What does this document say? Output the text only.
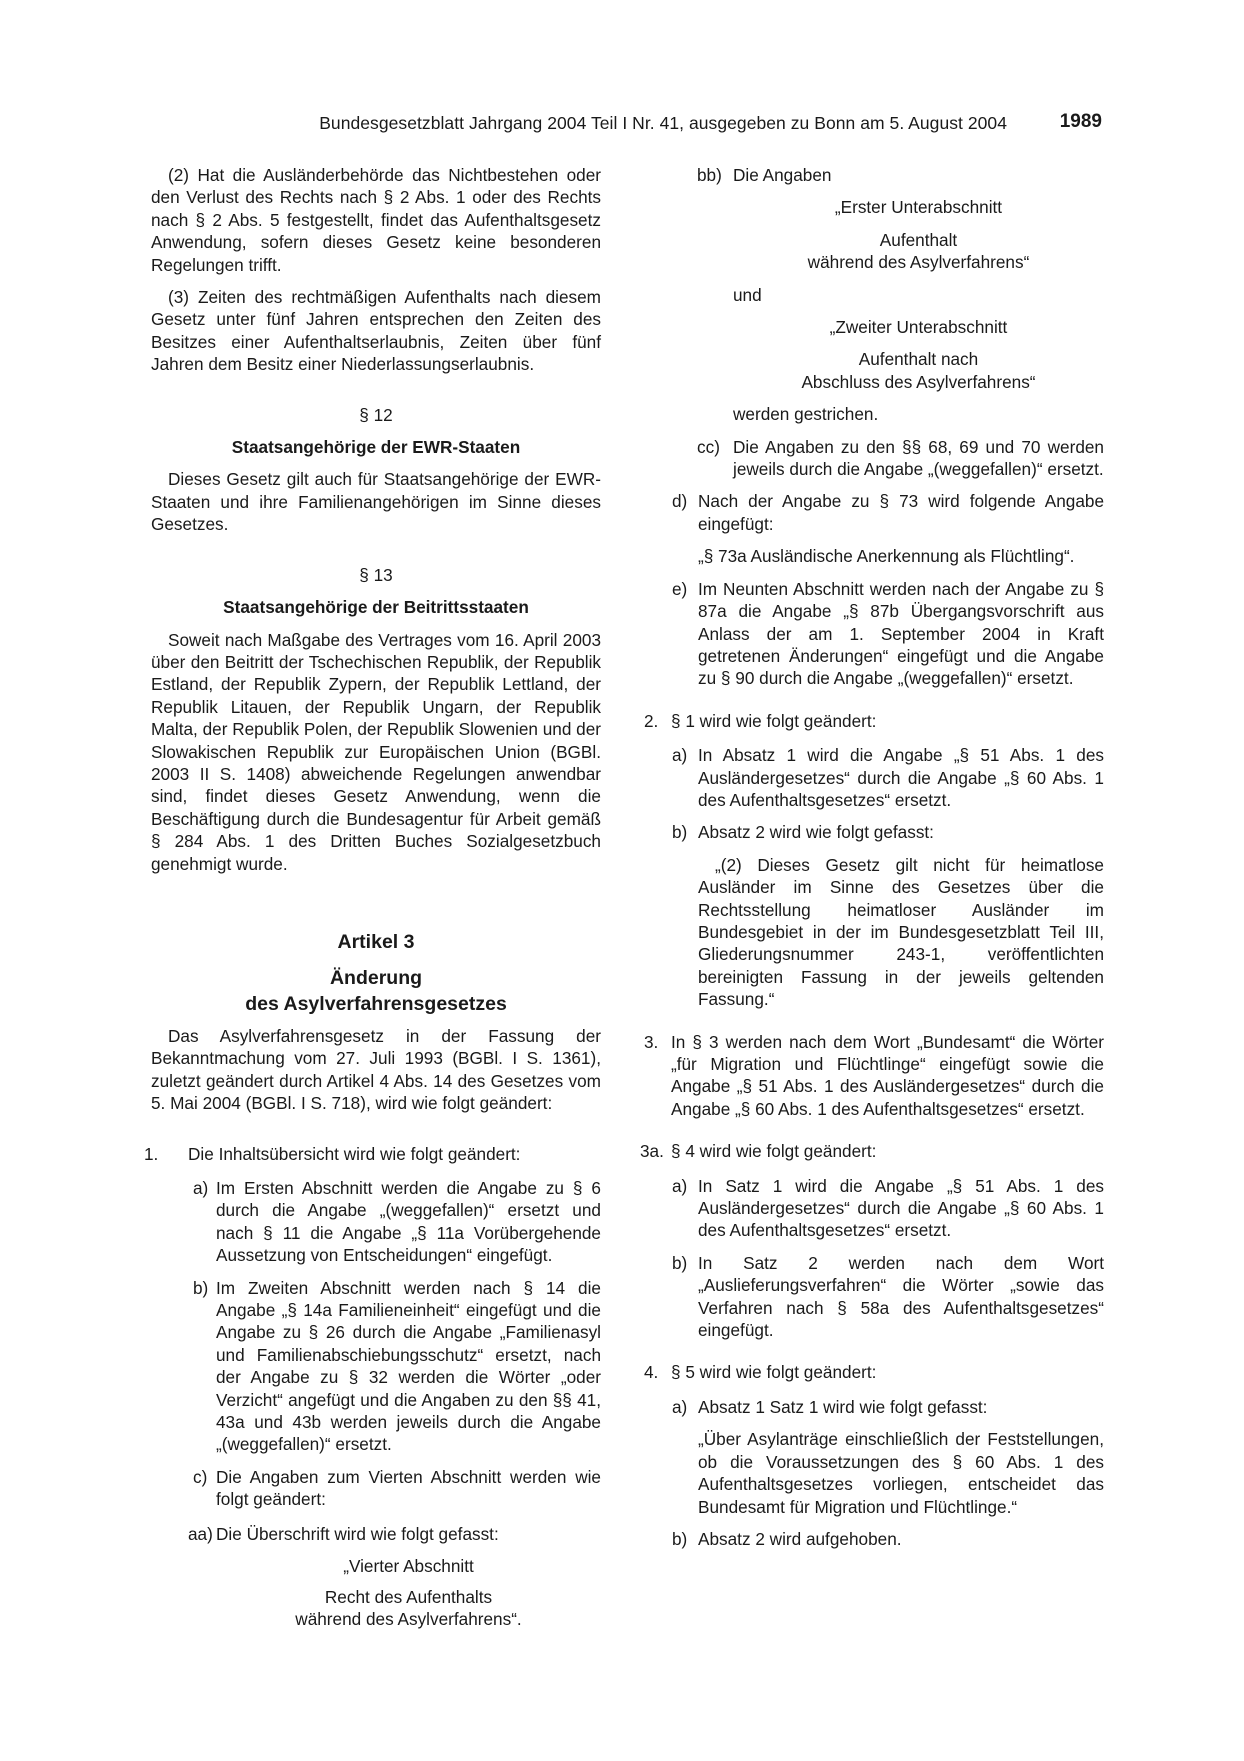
Bundesgesetzblatt Jahrgang 2004 Teil I Nr. 41, ausgegeben zu Bonn am 5. August 2004	1989

(2) Hat die Ausländerbehörde das Nichtbestehen oder den Verlust des Rechts nach § 2 Abs. 1 oder des Rechts nach § 2 Abs. 5 festgestellt, findet das Aufenthaltsgesetz Anwendung, sofern dieses Gesetz keine besonderen Regelungen trifft.

(3) Zeiten des rechtmäßigen Aufenthalts nach diesem Gesetz unter fünf Jahren entsprechen den Zeiten des Besitzes einer Aufenthaltserlaubnis, Zeiten über fünf Jahren dem Besitz einer Niederlassungserlaubnis.

§ 12

Staatsangehörige der EWR-Staaten

Dieses Gesetz gilt auch für Staatsangehörige der EWR-Staaten und ihre Familienangehörigen im Sinne dieses Gesetzes.

§ 13

Staatsangehörige der Beitrittsstaaten

Soweit nach Maßgabe des Vertrages vom 16. April 2003 über den Beitritt der Tschechischen Republik, der Republik Estland, der Republik Zypern, der Republik Lettland, der Republik Litauen, der Republik Ungarn, der Republik Malta, der Republik Polen, der Republik Slowenien und der Slowakischen Republik zur Europäischen Union (BGBl. 2003 II S. 1408) abweichende Regelungen anwendbar sind, findet dieses Gesetz Anwendung, wenn die Beschäftigung durch die Bundesagentur für Arbeit gemäß § 284 Abs. 1 des Dritten Buches Sozialgesetzbuch genehmigt wurde.

Artikel 3

Änderung

des Asylverfahrensgesetzes

Das Asylverfahrensgesetz in der Fassung der Bekanntmachung vom 27. Juli 1993 (BGBl. I S. 1361), zuletzt geändert durch Artikel 4 Abs. 14 des Gesetzes vom 5. Mai 2004 (BGBl. I S. 718), wird wie folgt geändert:

1. Die Inhaltsübersicht wird wie folgt geändert:

a) Im Ersten Abschnitt werden die Angabe zu § 6 durch die Angabe „(weggefallen)“ ersetzt und nach § 11 die Angabe „§ 11a Vorübergehende Aussetzung von Entscheidungen“ eingefügt.

b) Im Zweiten Abschnitt werden nach § 14 die Angabe „§ 14a Familieneinheit“ eingefügt und die Angabe zu § 26 durch die Angabe „Familienasyl und Familienabschiebungsschutz“ ersetzt, nach der Angabe zu § 32 werden die Wörter „oder Verzicht“ angefügt und die Angaben zu den §§ 41, 43a und 43b werden jeweils durch die Angabe „(weggefallen)“ ersetzt.

c) Die Angaben zum Vierten Abschnitt werden wie folgt geändert:

aa) Die Überschrift wird wie folgt gefasst:

„Vierter Abschnitt

Recht des Aufenthalts

während des Asylverfahrens“.

bb) Die Angaben

„Erster Unterabschnitt

Aufenthalt

während des Asylverfahrens“

und

„Zweiter Unterabschnitt

Aufenthalt nach

Abschluss des Asylverfahrens“

werden gestrichen.

cc) Die Angaben zu den §§ 68, 69 und 70 werden jeweils durch die Angabe „(weggefallen)“ ersetzt.

d) Nach der Angabe zu § 73 wird folgende Angabe eingefügt:

„§ 73a Ausländische Anerkennung als Flüchtling“.

e) Im Neunten Abschnitt werden nach der Angabe zu § 87a die Angabe „§ 87b Übergangsvorschrift aus Anlass der am 1. September 2004 in Kraft getretenen Änderungen“ eingefügt und die Angabe zu § 90 durch die Angabe „(weggefallen)“ ersetzt.

2. § 1 wird wie folgt geändert:

a) In Absatz 1 wird die Angabe „§ 51 Abs. 1 des Ausländergesetzes“ durch die Angabe „§ 60 Abs. 1 des Aufenthaltsgesetzes“ ersetzt.

b) Absatz 2 wird wie folgt gefasst:

„(2) Dieses Gesetz gilt nicht für heimatlose Ausländer im Sinne des Gesetzes über die Rechtsstellung heimatloser Ausländer im Bundesgebiet in der im Bundesgesetzblatt Teil III, Gliederungsnummer 243-1, veröffentlichten bereinigten Fassung in der jeweils geltenden Fassung.“

3. In § 3 werden nach dem Wort „Bundesamt“ die Wörter „für Migration und Flüchtlinge“ eingefügt sowie die Angabe „§ 51 Abs. 1 des Ausländergesetzes“ durch die Angabe „§ 60 Abs. 1 des Aufenthaltsgesetzes“ ersetzt.

3a. § 4 wird wie folgt geändert:

a) In Satz 1 wird die Angabe „§ 51 Abs. 1 des Ausländergesetzes“ durch die Angabe „§ 60 Abs. 1 des Aufenthaltsgesetzes“ ersetzt.

b) In Satz 2 werden nach dem Wort „Auslieferungsverfahren“ die Wörter „sowie das Verfahren nach § 58a des Aufenthaltsgesetzes“ eingefügt.

4. § 5 wird wie folgt geändert:

a) Absatz 1 Satz 1 wird wie folgt gefasst:

„Über Asylanträge einschließlich der Feststellungen, ob die Voraussetzungen des § 60 Abs. 1 des Aufenthaltsgesetzes vorliegen, entscheidet das Bundesamt für Migration und Flüchtlinge.“

b) Absatz 2 wird aufgehoben.
